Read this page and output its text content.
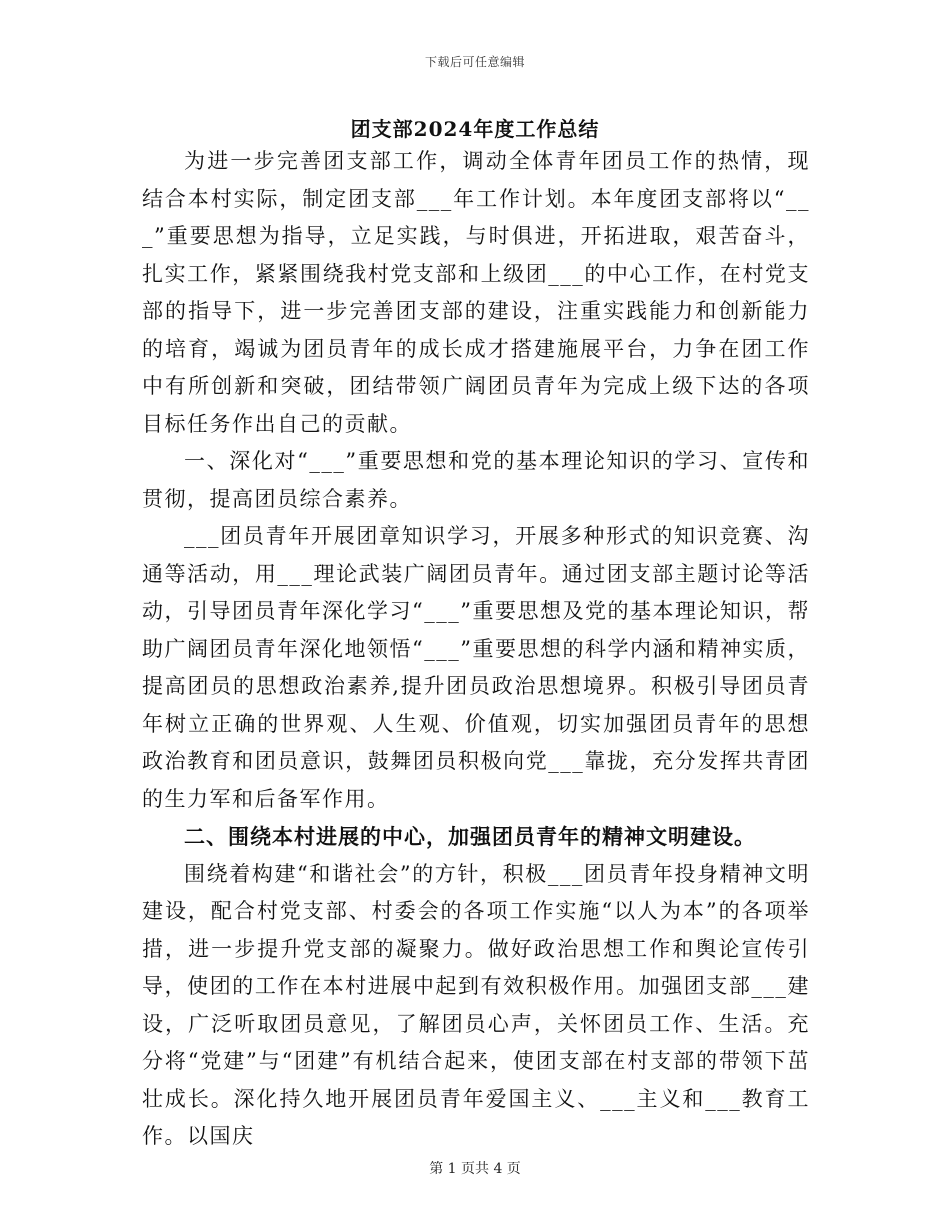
下载后可任意编辑
团支部2024年度工作总结

为进一步完善团支部工作，调动全体青年团员工作的热情，现结合本村实际，制定团支部___年工作计划。本年度团支部将以“___”重要思想为指导，立足实践，与时俱进，开拓进取，艰苦奋斗，扎实工作，紧紧围绕我村党支部和上级团___的中心工作，在村党支部的指导下，进一步完善团支部的建设，注重实践能力和创新能力的培育，竭诚为团员青年的成长成才搭建施展平台，力争在团工作中有所创新和突破，团结带领广阔团员青年为完成上级下达的各项目标任务作出自己的贡献。

一、深化对“___”重要思想和党的基本理论知识的学习、宣传和贯彻，提高团员综合素养。

___团员青年开展团章知识学习，开展多种形式的知识竞赛、沟通等活动，用___理论武装广阔团员青年。通过团支部主题讨论等活动，引导团员青年深化学习“___”重要思想及党的基本理论知识，帮助广阔团员青年深化地领悟“___”重要思想的科学内涵和精神实质，提高团员的思想政治素养,提升团员政治思想境界。积极引导团员青年树立正确的世界观、人生观、价值观，切实加强团员青年的思想政治教育和团员意识，鼓舞团员积极向党___靠拢，充分发挥共青团的生力军和后备军作用。

二、围绕本村进展的中心，加强团员青年的精神文明建设。

围绕着构建“和谐社会”的方针，积极___团员青年投身精神文明建设，配合村党支部、村委会的各项工作实施“以人为本”的各项举措，进一步提升党支部的凝聚力。做好政治思想工作和舆论宣传引导，使团的工作在本村进展中起到有效积极作用。加强团支部___建设，广泛听取团员意见，了解团员心声，关怀团员工作、生活。充分将“党建”与“团建”有机结合起来，使团支部在村支部的带领下茁壮成长。深化持久地开展团员青年爱国主义、___主义和___教育工作。以国庆

第 1 页共 4 页
